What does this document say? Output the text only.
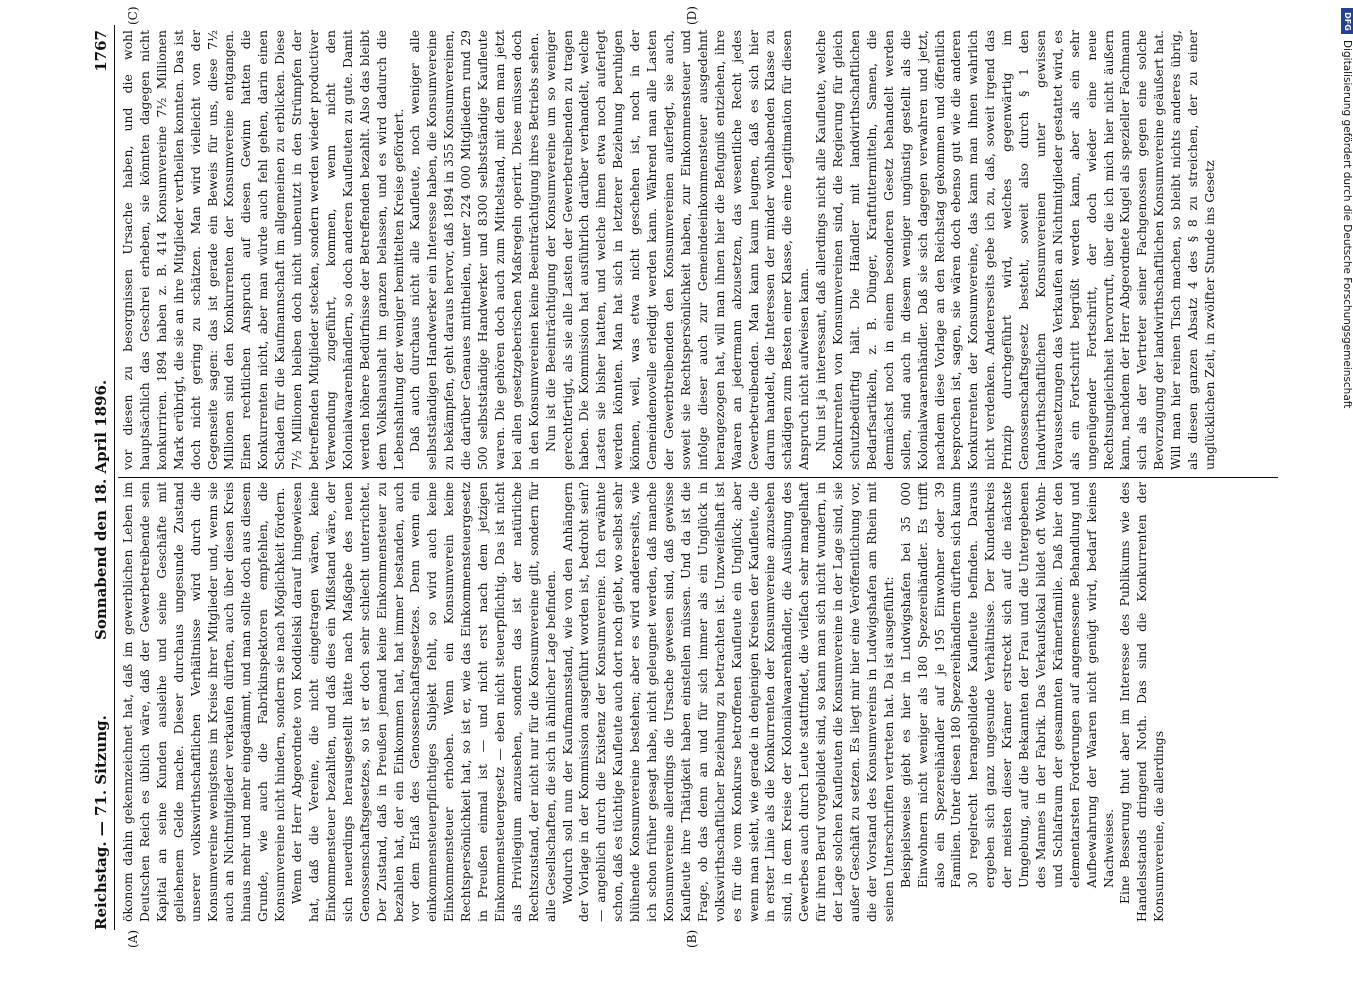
Reichstag. — 71. Sitzung.
Sonnabend den 18. April 1896.
1767
(A)	(B)
(C)	(D)

ökonom dahin gekennzeichnet hat, daß im gewerblichen Leben im Deutschen Reich es üblich wäre, daß der Gewerbetreibende sein Kapital an seine Kunden ausleihe und seine Geschäfte mit geliehenem Gelde mache. Dieser durchaus ungesunde Zustand unserer volkswirthschaftlichen Verhältnisse wird durch die Konsumvereine wenigstens im Kreise ihrer Mitglieder und, wenn sie auch an Nichtmitglieder verkaufen dürften, auch über diesen Kreis hinaus mehr und mehr eingedämmt, und man sollte doch aus diesem Grunde, wie auch die Fabrikinspektoren empfehlen, die Konsumvereine nicht hindern, sondern sie nach Möglichkeit fördern. Wenn der Herr Abgeordnete von Koddielski darauf hingewiesen hat, daß die Vereine, die nicht eingetragen wären, keine Einkommensteuer bezahlten, und daß dies ein Mißstand wäre, der sich neuerdings herausgestellt hätte nach Maßgabe des neuen Genossenschaftsgesetzes, so ist er doch sehr schlecht unterrichtet. Der Zustand, daß in Preußen jemand keine Einkommensteuer zu bezahlen hat, der ein Einkommen hat, hat immer bestanden, auch vor dem Erlaß des Genossenschaftsgesetzes. Denn wenn ein einkommensteuerpflichtiges Subjekt fehlt, so wird auch keine Einkommensteuer erhoben. Wenn ein Konsumverein keine Rechtspersönlichkeit hat, so ist er, wie das Einkommensteuergesetz in Preußen einmal ist — und nicht erst nach dem jetzigen Einkommensteuergesetz — eben nicht steuerpflichtig. Das ist nicht als Privilegium anzusehen, sondern das ist der natürliche Rechtszustand, der nicht nur für die Konsumvereine gilt, sondern für alle Gesellschaften, die sich in ähnlicher Lage befinden. Wodurch soll nun der Kaufmannsstand, wie von den Anhängern der Vorlage in der Kommission ausgeführt worden ist, bedroht sein? — angeblich durch die Existenz der Konsumvereine. Ich erwähnte schon, daß es tüchtige Kaufleute auch dort noch giebt, wo selbst sehr blühende Konsumvereine bestehen; aber es wird andererseits, wie ich schon früher gesagt habe, nicht geleugnet werden, daß manche Konsumvereine allerdings die Ursache gewesen sind, daß gewisse Kaufleute ihre Thätigkeit haben einstellen müssen. Und da ist die Frage, ob das denn an und für sich immer als ein Unglück in volkswirthschaftlicher Beziehung zu betrachten ist. Unzweifelhaft ist es für die vom Konkurse betroffenen Kaufleute ein Unglück; aber wenn man sieht, wie gerade in denjenigen Kreisen der Kaufleute, die in erster Linie als die Konkurrenten der Konsumvereine anzusehen sind, in dem Kreise der Kolonialwaarenhändler, die Ausübung des Gewerbes auch durch Leute stattfindet, die vielfach sehr mangelhaft für ihren Beruf vorgebildet sind, so kann man sich nicht wundern, in der Lage solchen Kaufleuten die Konsumvereine in der Lage sind, sie außer Geschäft zu setzen. Es liegt mir hier eine Veröffentlichung vor, die der Vorstand des Konsumvereins in Ludwigshafen am Rhein mit seinen Unterschriften vertreten hat. Da ist ausgeführt: Beispielsweise giebt es hier in Ludwigshafen bei 35 000 Einwohnern nicht weniger als 180 Spezereihändler. Es trifft also ein Spezereihändler auf je 195 Einwohner oder 39 Familien. Unter diesen 180 Spezereihändlern dürften sich kaum 30 regelrecht herangebildete Kaufleute befinden. Daraus ergeben sich ganz ungesunde Verhältnisse. Der Kundenkreis der meisten dieser Krämer erstreckt sich auf die nächste Umgebung, auf die Bekannten der Frau und die Untergebenen des Mannes in der Fabrik. Das Verkaufslokal bildet oft Wohn- und Schlafraum der gesammten Krämerfamilie. Daß hier den elementarsten Forderungen auf angemessene Behandlung und Aufbewahrung der Waaren nicht genügt wird, bedarf keines Nachweises. Eine Besserung thut aber im Interesse des Publikums wie des Handelsstands dringend Noth. Das sind die Konkurrenten der Konsumvereine, die allerdings

vor diesen zu besorgnissen Ursache haben, und die wohl hauptsächlich das Geschrei erheben, sie könnten dagegen nicht konkurriren. 1894 haben z. B. 414 Konsumvereine 7½ Millionen Mark erübrigt, die sie an ihre Mitglieder vertheilen konnten. Das ist doch nicht gering zu schätzen. Man wird vielleicht von der Gegenseite sagen: das ist gerade ein Beweis für uns, diese 7½ Millionen sind den Konkurrenten der Konsumvereine entgangen. Einen rechtlichen Anspruch auf diesen Gewinn hatten die Konkurrenten nicht, aber man würde auch fehl gehen, darin einen Schaden für die Kaufmannschaft im allgemeinen zu erblicken. Diese 7½ Millionen bleiben doch nicht unbenutzt in den Strümpfen der betreffenden Mitglieder stecken, sondern werden wieder productiver Verwendung zugeführt, kommen, wenn nicht den Kolonialwaarenhändlern, so doch anderen Kaufleuten zu gute. Damit werden höhere Bedürfnisse der Betreffenden bezahlt. Also das bleibt dem Volkshaushalt im ganzen belassen, und es wird dadurch die Lebenshaltung der weniger bemittelten Kreise gefördert. Daß auch durchaus nicht alle Kaufleute, noch weniger alle selbstständigen Handwerker ein Interesse haben, die Konsumvereine zu bekämpfen, geht daraus hervor, daß 1894 in 355 Konsumvereinen, die darüber Genaues mittheilen, unter 224 000 Mitgliedern rund 29 500 selbstständige Handwerker und 8300 selbstständige Kaufleute waren. Die gehören doch auch zum Mittelstand, mit dem man jetzt bei allen gesetzgeberischen Maßregeln operirt. Diese müssen doch in den Konsumvereinen keine Beeinträchtigung ihres Betriebs sehen. Nun ist die Beeinträchtigung der Konsumvereine um so weniger gerechtfertigt, als sie alle Lasten der Gewerbetreibenden zu tragen haben. Die Kommission hat ausführlich darüber verhandelt, welche Lasten sie bisher hatten, und welche ihnen etwa noch auferlegt werden könnten. Man hat sich in letzterer Beziehung beruhigen können, weil, was etwa nicht geschehen ist, noch in der Gemeindenovelle erledigt werden kann. Während man alle Lasten der Gewerbtreibenden den Konsumvereinen auferlegt, sie auch, soweit sie Rechtspersönlichkeit haben, zur Einkommensteuer und infolge dieser auch zur Gemeindeeinkommensteuer ausgedehnt herangezogen hat, will man ihnen hier die Befugniß entziehen, ihre Waaren an jedermann abzusetzen, das wesentliche Recht jedes Gewerbetreibenden. Man kann kaum leugnen, daß es sich hier darum handelt, die Interessen der minder wohlhabenden Klasse zu schädigen zum Besten einer Klasse, die eine Legitimation für diesen Anspruch nicht aufweisen kann. Nun ist ja interessant, daß allerdings nicht alle Kaufleute, welche Konkurrenten von Konsumvereinen sind, die Regierung für gleich schutzbedürftig hält. Die Händler mit landwirthschaftlichen Bedarfsartikeln, z. B. Dünger, Kraftfuttermitteln, Samen, die demnächst noch in einem besonderen Gesetz behandelt werden sollen, sind auch in diesem weniger ungünstig gestellt als die Kolonialwaarenhändler. Daß sie sich dagegen verwahren und jetzt, nachdem diese Vorlage an den Reichstag gekommen und öffentlich besprochen ist, sagen, sie wären doch ebenso gut wie die anderen Konkurrenten der Konsumvereine, das kann man ihnen wahrlich nicht verdenken. Andererseits gebe ich zu, daß, soweit irgend das Prinzip durchgeführt wird, welches gegenwärtig im Genossenschaftsgesetz besteht, soweit also durch § 1 den landwirthschaftlichen Konsumvereinen unter gewissen Voraussetzungen das Verkaufen an Nichtmitglieder gestattet wird, es als ein Fortschritt begrüßt werden kann, aber als ein sehr ungenügender Fortschritt, der doch wieder eine neue Rechtsungleichheit hervorruft, über die ich mich hier nicht äußern kann, nachdem der Herr Abgeordnete Kugel als spezieller Fachmann sich als der Vertreter seiner Fachgenossen gegen eine solche Bevorzugung der landwirthschaftlichen Konsumvereine geäußert hat. Will man hier reinen Tisch machen, so bleibt nichts anderes übrig, als diesen ganzen Absatz 4 des § 8 zu streichen, der zu einer unglücklichen Zeit, in zwölfter Stunde ins Gesetz

DFG
Digitalisierung gefördert durch die Deutsche Forschungsgemeinschaft
